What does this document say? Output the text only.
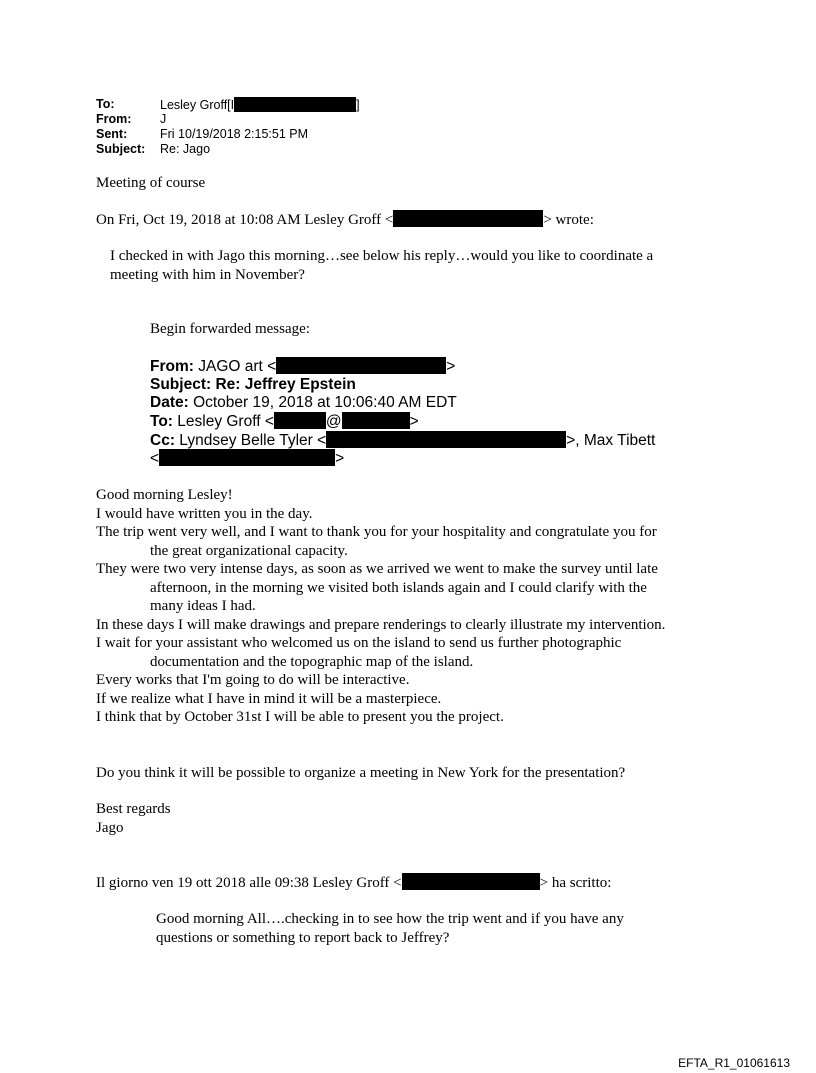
To:	Lesley Groff[I	]
From: J
Sent:	Fri 10/19/2018 2:15:51 PM
Subject: Re: Jago
Meeting of course
On Fri, Oct 19, 2018 at 10:08 AM Lesley Groff <	> wrote:
I checked in with Jago this morning…see below his reply…would you like to coordinate a
meeting with him in November?
Begin forwarded message:
From: JAGO art <	>
Subject: Re: Jeffrey Epstein
Date: October 19, 2018 at 10:06:40 AM EDT
To: Lesley Groff <	@	>
Cc: Lyndsey Belle Tyler <	>, Max Tibett
<	>

Good morning Lesley!

I would have written you in the day.

The trip went very well, and I want to thank you for your hospitality and congratulate you for the great organizational capacity.

They were two very intense days, as soon as we arrived we went to make the survey until late afternoon, in the morning we visited both islands again and I could clarify with the many ideas I had.

In these days I will make drawings and prepare renderings to clearly illustrate my intervention.

I wait for your assistant who welcomed us on the island to send us further photographic documentation and the topographic map of the island.

Every works that I'm going to do will be interactive.

If we realize what I have in mind it will be a masterpiece.

I think that by October 31st I will be able to present you the project.

Do you think it will be possible to organize a meeting in New York for the presentation?

Best regards

Jago

Il giorno ven 19 ott 2018 alle 09:38 Lesley Groff <	> ha scritto:
Good morning All….checking in to see how the trip went and if you have any
questions or something to report back to Jeffrey?
EFTA_R1_01061613
